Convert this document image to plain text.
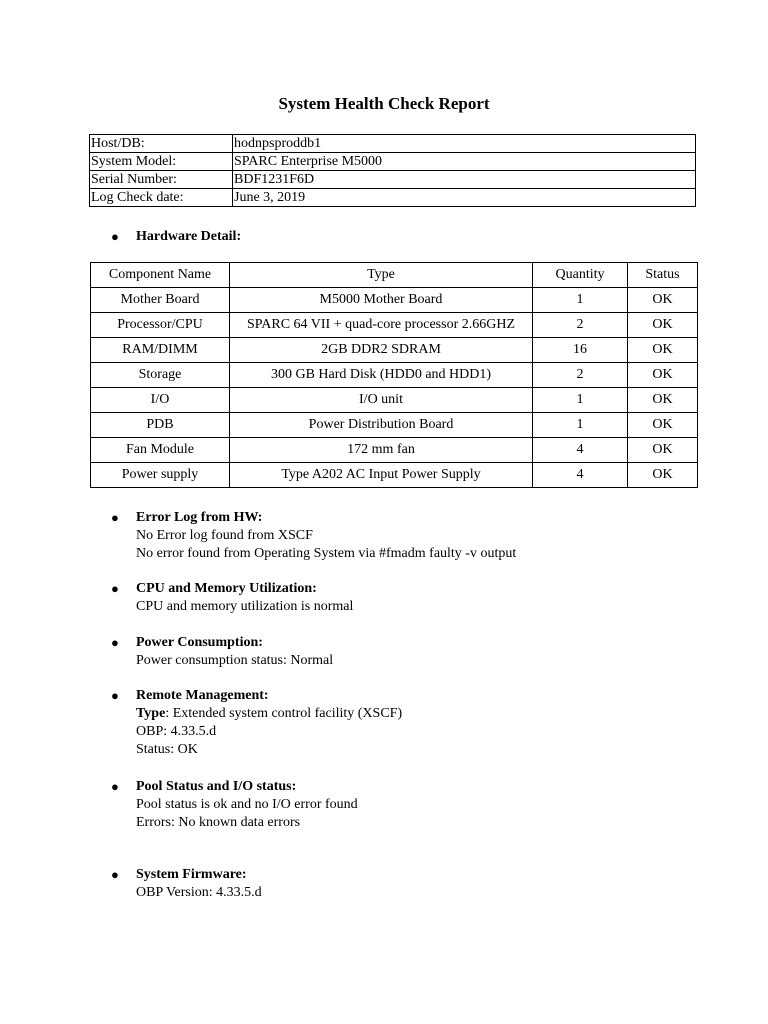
System Health Check Report
Host/DB:	hodnpsproddb1
System Model:	SPARC Enterprise M5000
Serial Number:	BDF1231F6D
Log Check date:	June 3, 2019
● Hardware Detail:
Component Name	Type	Quantity	Status
Mother Board	M5000 Mother Board	1	OK
Processor/CPU	SPARC 64 VII + quad-core processor 2.66GHZ	2	OK
RAM/DIMM	2GB DDR2 SDRAM	16	OK
Storage	300 GB Hard Disk (HDD0 and HDD1)	2	OK
I/O	I/O unit	1	OK
PDB	Power Distribution Board	1	OK
Fan Module	172 mm fan	4	OK
Power supply	Type A202 AC Input Power Supply	4	OK
● Error Log from HW:
No Error log found from XSCF
No error found from Operating System via #fmadm faulty -v output
● CPU and Memory Utilization:
CPU and memory utilization is normal
● Power Consumption:
Power consumption status: Normal
● Remote Management:
Type: Extended system control facility (XSCF)
OBP: 4.33.5.d
Status: OK
● Pool Status and I/O status:
Pool status is ok and no I/O error found
Errors: No known data errors
● System Firmware:
OBP Version: 4.33.5.d
